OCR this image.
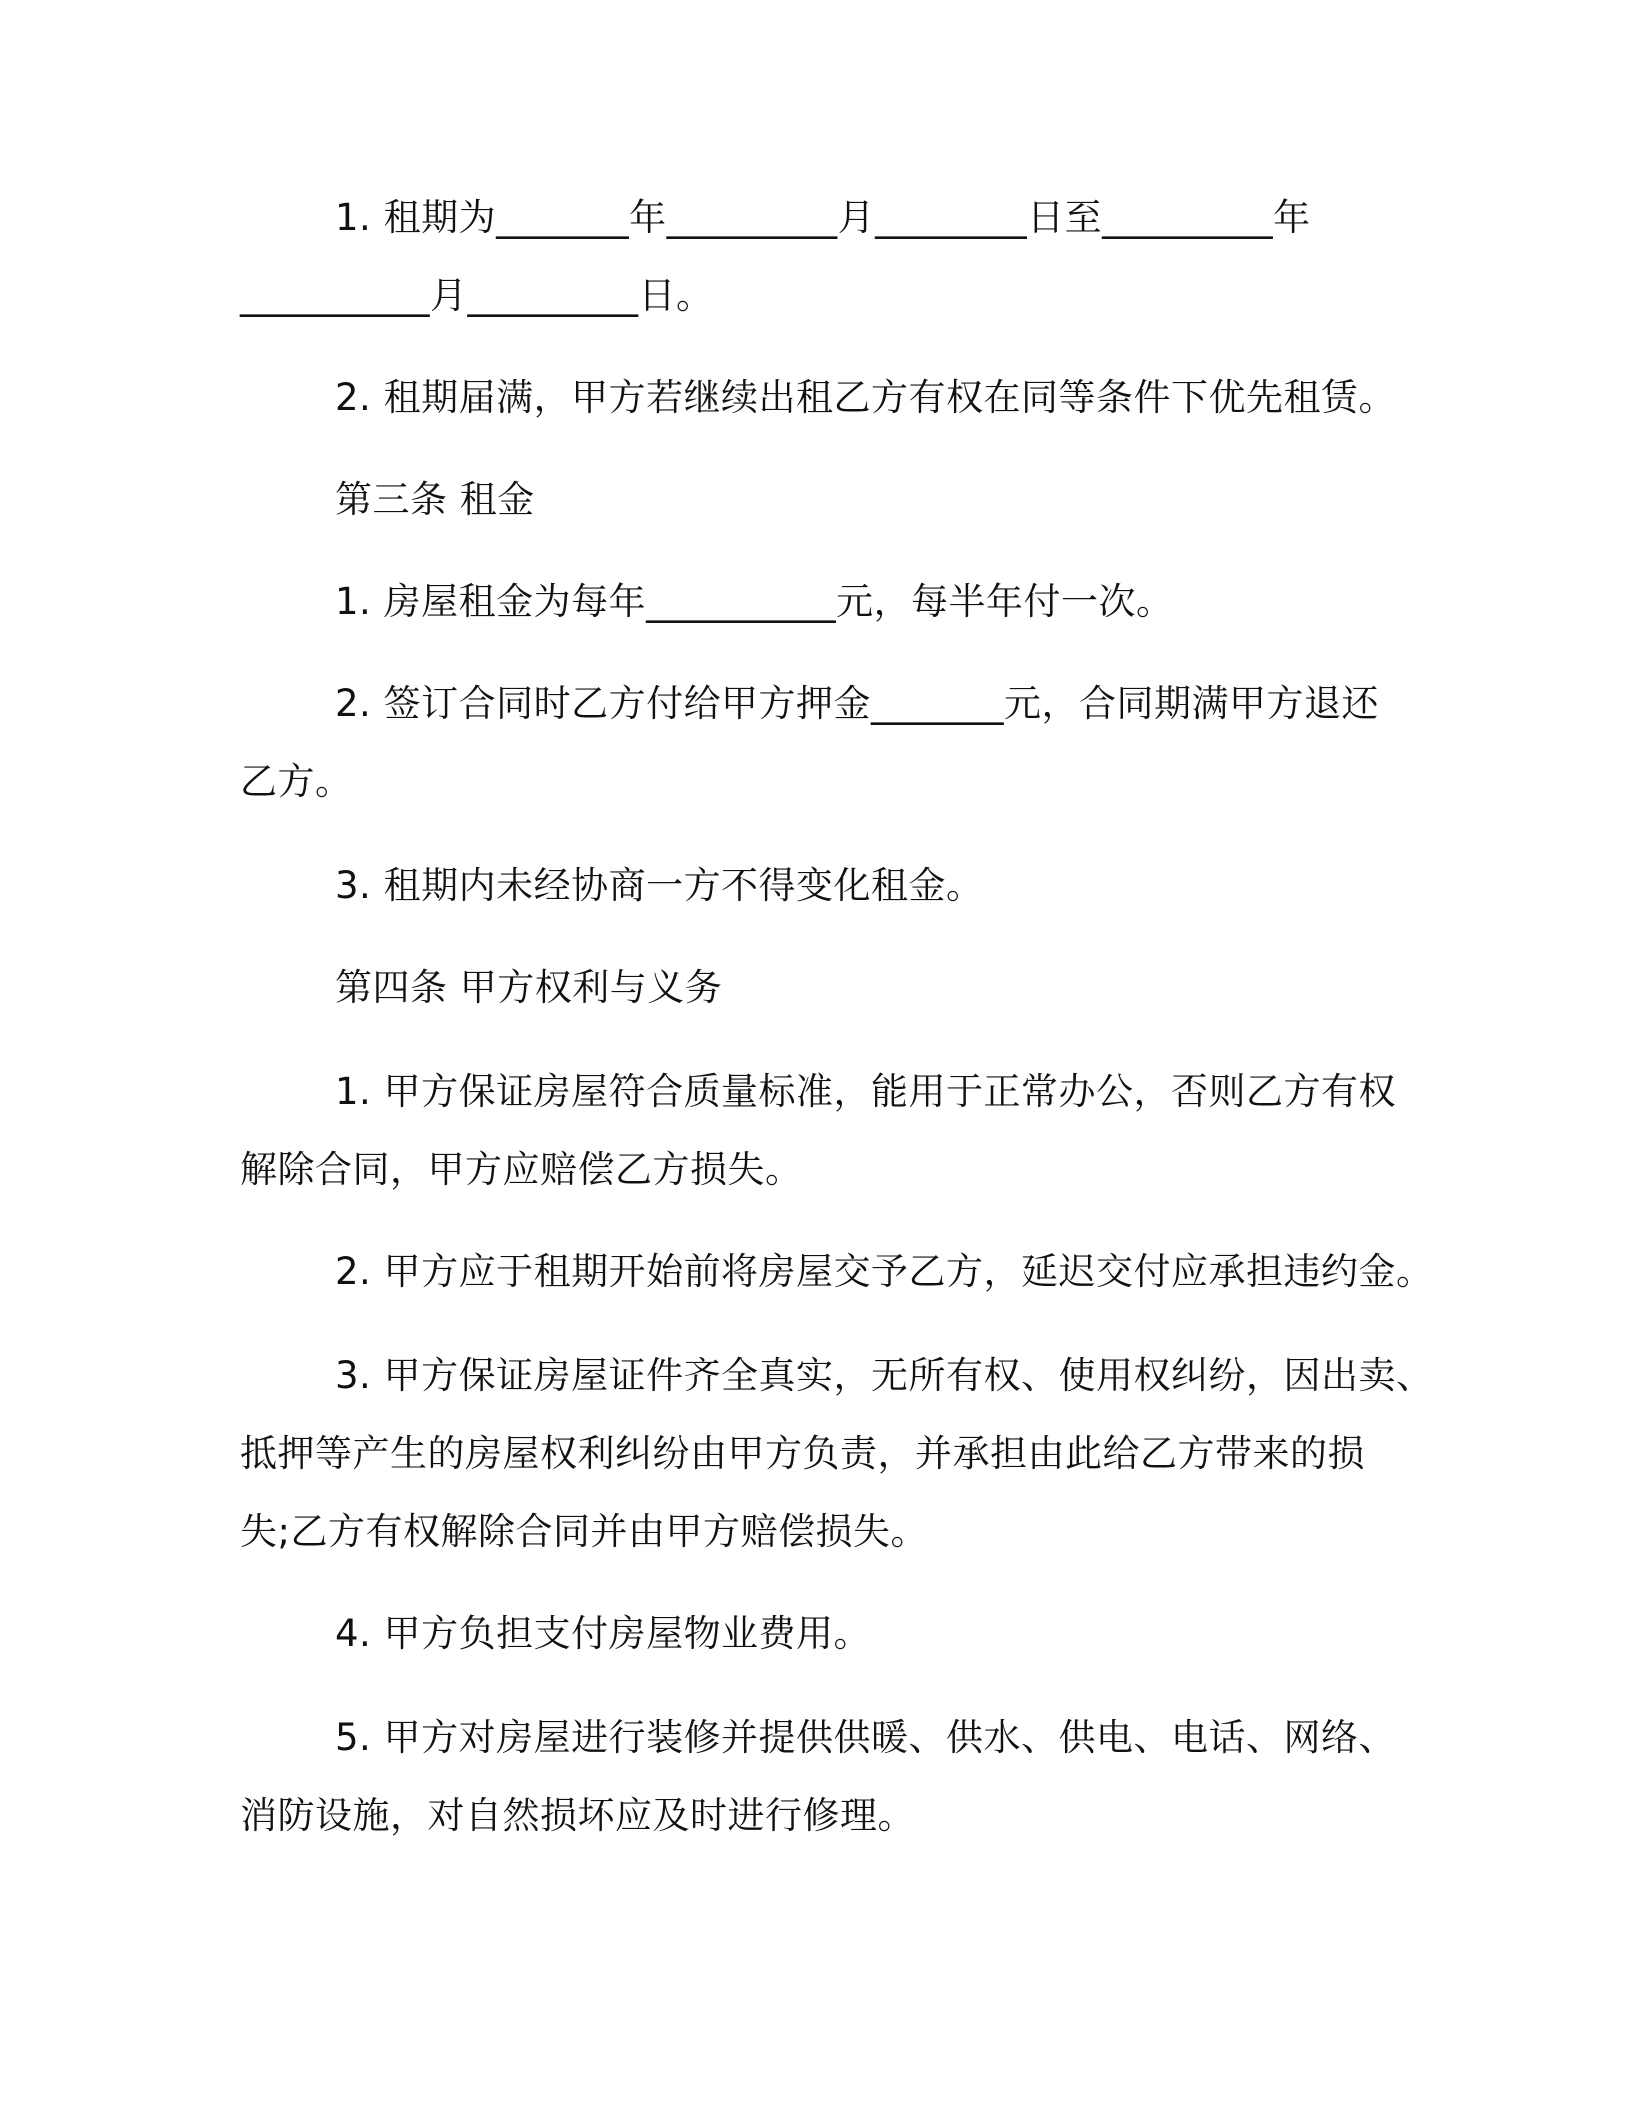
1. 租期为_______年_________月________日至_________年
__________月_________日。
2. 租期届满，甲方若继续出租乙方有权在同等条件下优先租赁。
第三条 租金
1. 房屋租金为每年__________元，每半年付一次。
2. 签订合同时乙方付给甲方押金_______元，合同期满甲方退还
乙方。
3. 租期内未经协商一方不得变化租金。
第四条 甲方权利与义务
1. 甲方保证房屋符合质量标准，能用于正常办公，否则乙方有权
解除合同，甲方应赔偿乙方损失。
2. 甲方应于租期开始前将房屋交予乙方，延迟交付应承担违约金。
3. 甲方保证房屋证件齐全真实，无所有权、使用权纠纷，因出卖、
抵押等产生的房屋权利纠纷由甲方负责，并承担由此给乙方带来的损
失;乙方有权解除合同并由甲方赔偿损失。
4. 甲方负担支付房屋物业费用。
5. 甲方对房屋进行装修并提供供暖、供水、供电、电话、网络、
消防设施，对自然损坏应及时进行修理。
